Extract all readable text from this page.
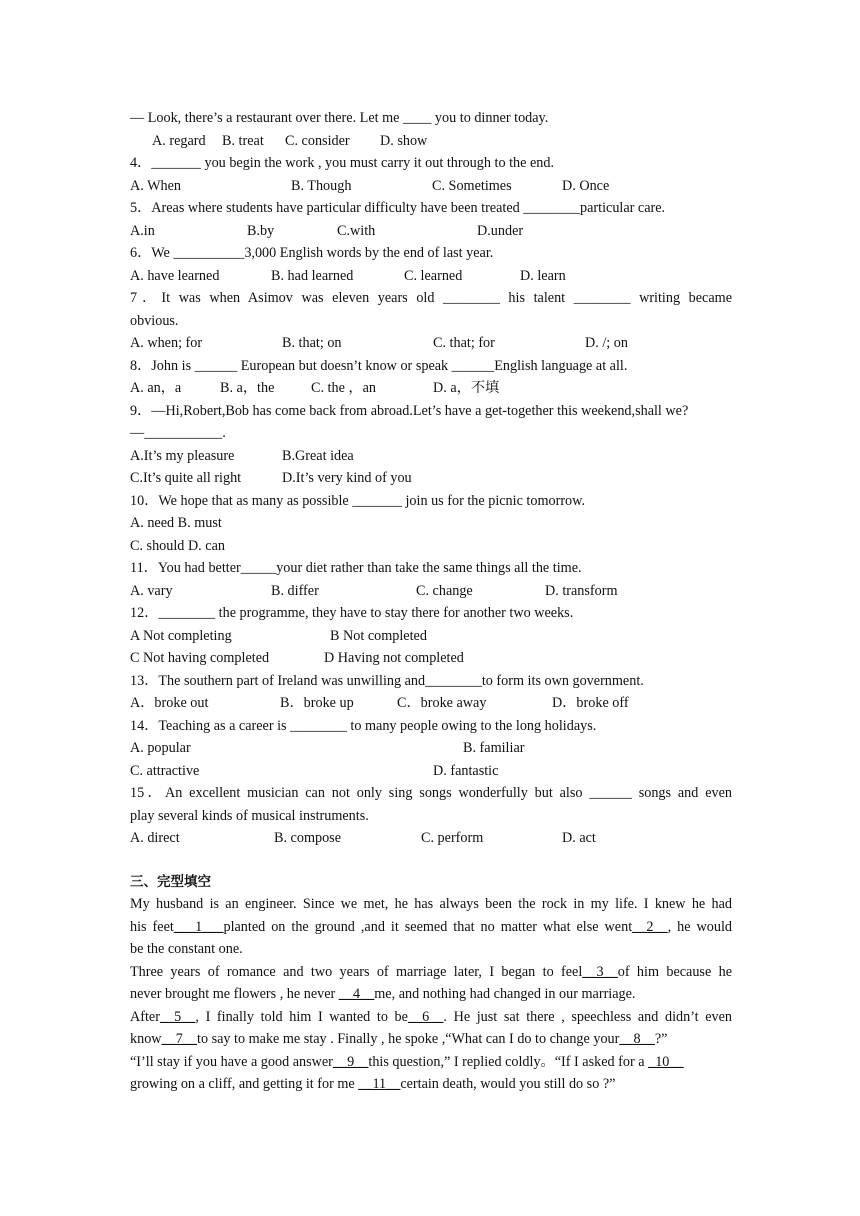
— Look, there’s a restaurant over there. Let me ____ you to dinner today.
A. regard B. treat C. consider D. show
4．_______ you begin the work , you must carry it out through to the end.
A. When	B. Though	C. Sometimes	D. Once
5．Areas where students have particular difficulty have been treated ________particular care.
A.in	B.by	C.with	D.under
6．We __________3,000 English words by the end of last year.
A. have learned	B. had learned	C. learned	D. learn
7．It was when Asimov was eleven years old ________ his talent ________ writing became
obvious.
A. when; for	B. that; on	C. that; for	D. /; on
8．John is ______ European but doesn’t know or speak ______English language at all.
A. an，a	B. a，the	C. the ，an	D. a，不填
9．—Hi,Robert,Bob has come back from abroad.Let’s have a get-together this weekend,shall we?
—___________.
A.It’s my pleasure	B.Great idea
C.It’s quite all right	D.It’s very kind of you
10．We hope that as many as possible _______ join us for the picnic tomorrow.
A. need B. must
C. should D. can
11．You had better_____your diet rather than take the same things all the time.
A. vary	B. differ	C. change	D. transform
12．________ the programme, they have to stay there for another two weeks.
A Not completing	B Not completed
C Not having completed	D Having not completed
13．The southern part of Ireland was unwilling and________to form its own government.
A．broke out	B．broke up	C．broke away	D．broke off
14．Teaching as a career is ________ to many people owing to the long holidays.
A. popular	B. familiar
C. attractive	D. fantastic
15．An excellent musician can not only sing songs wonderfully but also ______ songs and even
play several kinds of musical instruments.
A. direct	B. compose	C. perform	D. act
三、完型填空
My husband is an engineer. Since we met, he has always been the rock in my life. I knew he had
his feet___1___planted on the ground ,and it seemed that no matter what else went__2__, he would
be the constant one.
Three years of romance and two years of marriage later, I began to feel__3__of him because he
never brought me flowers , he never __4__me, and nothing had changed in our marriage.
After__5__, I finally told him I wanted to be__6__. He just sat there , speechless and didn’t even
know__7__to say to make me stay . Finally , he spoke ,“What can I do to change your__8__?”
“I’ll stay if you have a good answer__9__this question,” I replied coldly。“If I asked for a _10__
growing on a cliff, and getting it for me __11__certain death, would you still do so ?”
